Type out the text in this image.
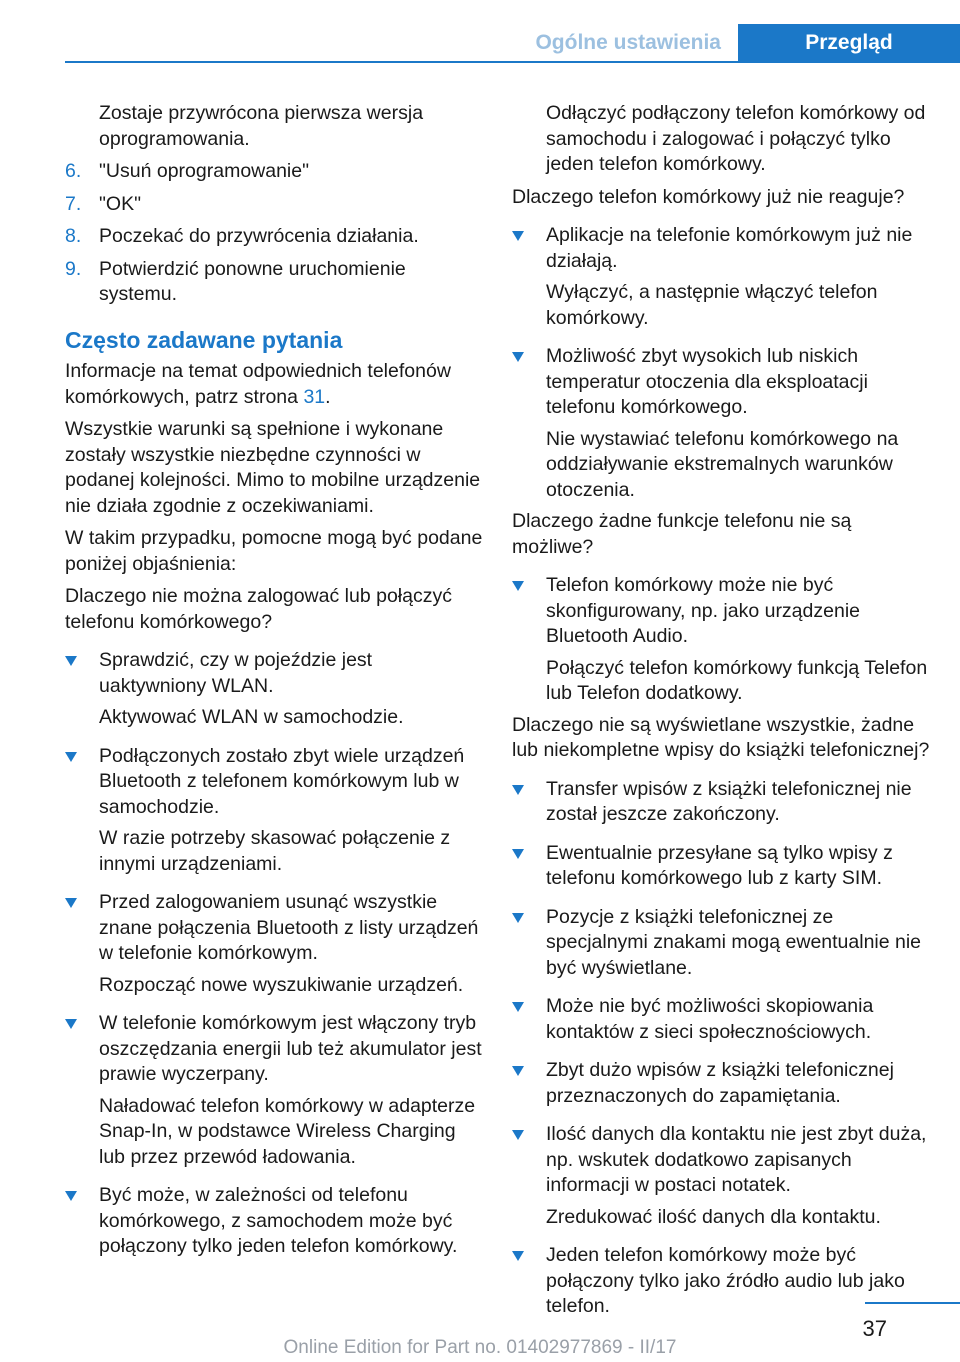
Ogólne ustawienia	Przegląd

Zostaje przywrócona pierwsza wersja oprogramowania.

6. "Usuń oprogramowanie"
7. "OK"
8. Poczekać do przywrócenia działania.
9. Potwierdzić ponowne uruchomienie systemu.
Często zadawane pytania

Informacje na temat odpowiednich telefonów komórkowych, patrz strona 31.

Wszystkie warunki są spełnione i wykonane zostały wszystkie niezbędne czynności w podanej kolejności. Mimo to mobilne urządzenie nie działa zgodnie z oczekiwaniami.

W takim przypadku, pomocne mogą być podane poniżej objaśnienia:

Dlaczego nie można zalogować lub połączyć telefonu komórkowego?

Sprawdzić, czy w pojeździe jest uaktywniony WLAN.

Aktywować WLAN w samochodzie.

Podłączonych zostało zbyt wiele urządzeń Bluetooth z telefonem komórkowym lub w samochodzie.

W razie potrzeby skasować połączenie z innymi urządzeniami.

Przed zalogowaniem usunąć wszystkie znane połączenia Bluetooth z listy urządzeń w telefonie komórkowym.

Rozpocząć nowe wyszukiwanie urządzeń.

W telefonie komórkowym jest włączony tryb oszczędzania energii lub też akumulator jest prawie wyczerpany.

Naładować telefon komórkowy w adapterze Snap-In, w podstawce Wireless Charging lub przez przewód ładowania.

Być może, w zależności od telefonu komórkowego, z samochodem może być połączony tylko jeden telefon komórkowy.

Odłączyć podłączony telefon komórkowy od samochodu i zalogować i połączyć tylko jeden telefon komórkowy.

Dlaczego telefon komórkowy już nie reaguje?

Aplikacje na telefonie komórkowym już nie działają.

Wyłączyć, a następnie włączyć telefon komórkowy.

Możliwość zbyt wysokich lub niskich temperatur otoczenia dla eksploatacji telefonu komórkowego.

Nie wystawiać telefonu komórkowego na oddziaływanie ekstremalnych warunków otoczenia.

Dlaczego żadne funkcje telefonu nie są możliwe?

Telefon komórkowy może nie być skonfigurowany, np. jako urządzenie Bluetooth Audio.

Połączyć telefon komórkowy funkcją Telefon lub Telefon dodatkowy.

Dlaczego nie są wyświetlane wszystkie, żadne lub niekompletne wpisy do książki telefonicznej?

Transfer wpisów z książki telefonicznej nie został jeszcze zakończony.
Ewentualnie przesyłane są tylko wpisy z telefonu komórkowego lub z karty SIM.
Pozycje z książki telefonicznej ze specjalnymi znakami mogą ewentualnie nie być wyświetlane.
Może nie być możliwości skopiowania kontaktów z sieci społecznościowych.
Zbyt dużo wpisów z książki telefonicznej przeznaczonych do zapamiętania.
Ilość danych dla kontaktu nie jest zbyt duża, np. wskutek dodatkowo zapisanych informacji w postaci notatek.

Zredukować ilość danych dla kontaktu.

Jeden telefon komórkowy może być połączony tylko jako źródło audio lub jako telefon.
37
Online Edition for Part no. 01402977869 - II/17
